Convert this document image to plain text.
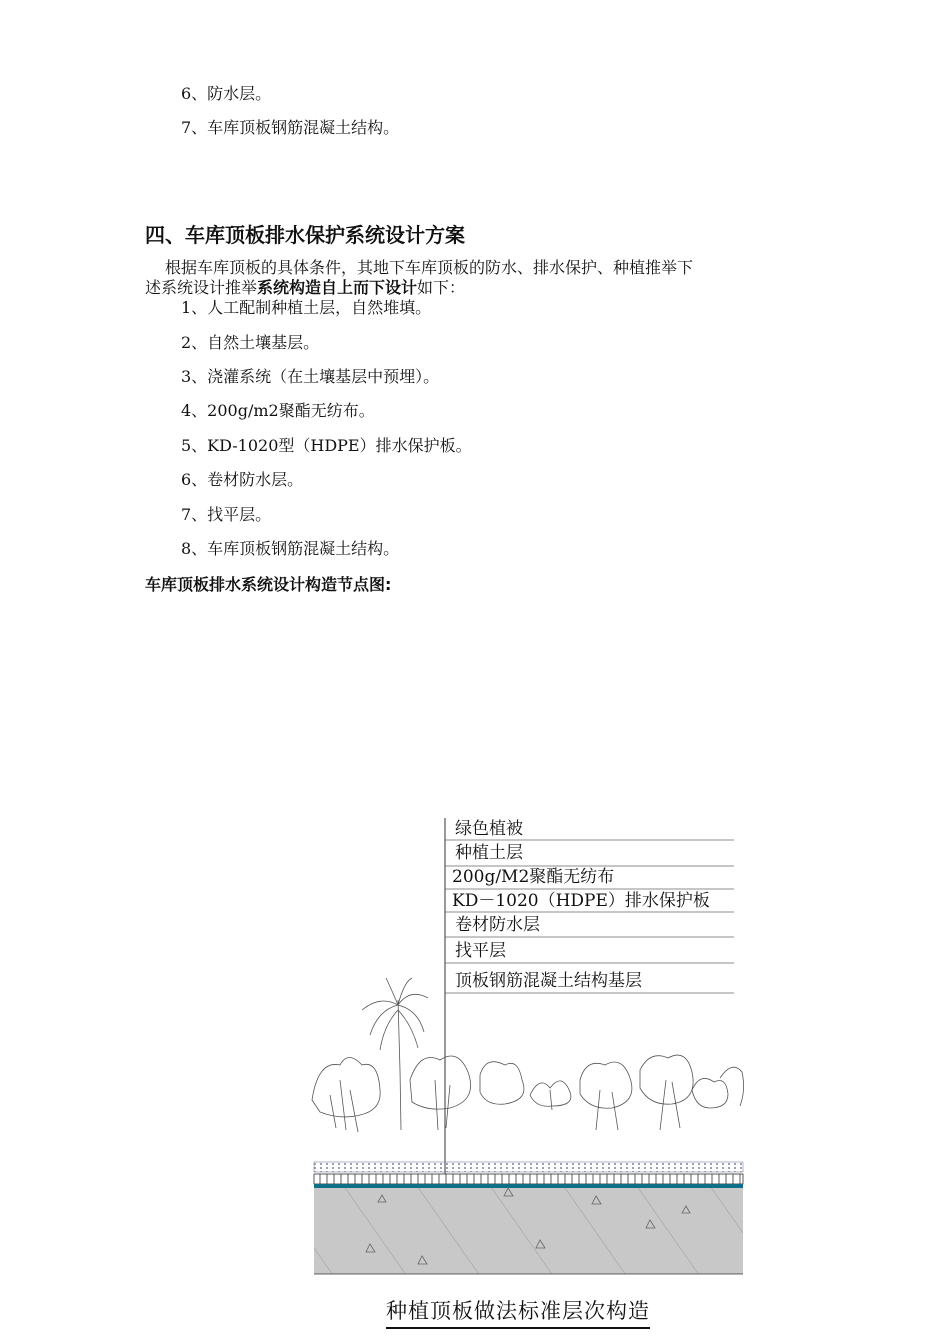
6、防水层。
7、车库顶板钢筋混凝土结构。
四、车库顶板排水保护系统设计方案
根据车库顶板的具体条件，其地下车库顶板的防水、排水保护、种植推举下
述系统设计推举系统构造自上而下设计如下：
1、人工配制种植土层，自然堆填。
2、自然土壤基层。
3、浇灌系统（在土壤基层中预埋）。
4、200g/m2聚酯无纺布。
5、KD-1020型（HDPE）排水保护板。
6、卷材防水层。
7、找平层。
8、车库顶板钢筋混凝土结构。
车库顶板排水系统设计构造节点图:
绿色植被
种植土层
200g/M2聚酯无纺布
KD－1020（HDPE）排水保护板
卷材防水层
找平层
顶板钢筋混凝土结构基层
种植顶板做法标准层次构造
